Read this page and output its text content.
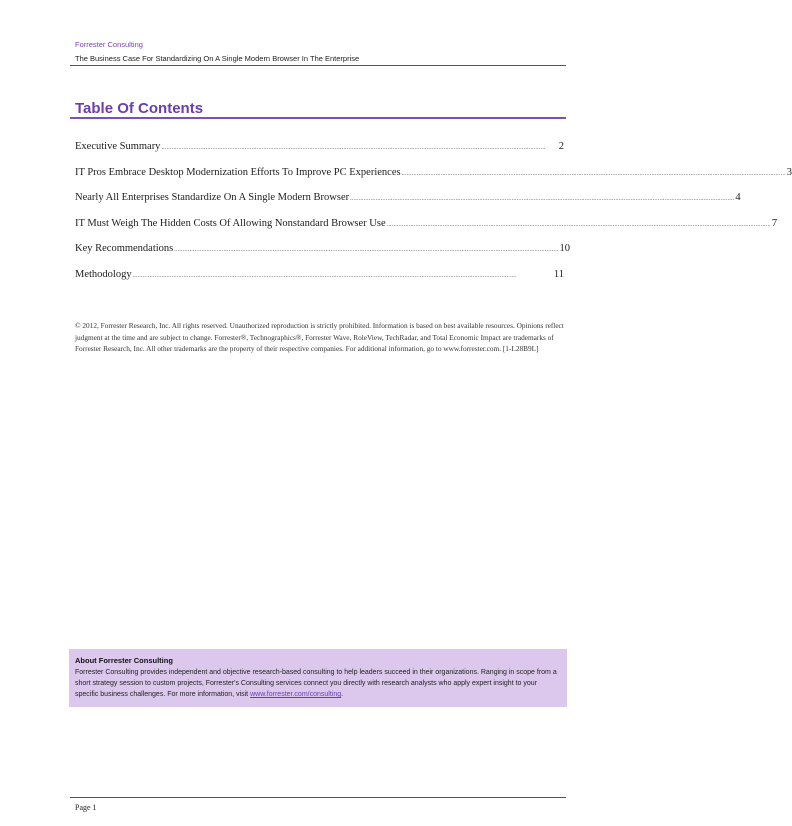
Forrester Consulting
The Business Case For Standardizing On A Single Modern Browser In The Enterprise
Table Of Contents
Executive Summary ..................................................................................................................................................................................................................................	2
IT Pros Embrace Desktop Modernization Efforts To Improve PC Experiences .................................................................................................................................................................................................................................. 3
Nearly All Enterprises Standardize On A Single Modern Browser .................................................................................................................................................................................................................................. 4
IT Must Weigh The Hidden Costs Of Allowing Nonstandard Browser Use .................................................................................................................................................................................................................................. 7
Key Recommendations .................................................................................................................................................................................................................................. 10
Methodology ..................................................................................................................................................................................................................................	11
© 2012, Forrester Research, Inc. All rights reserved. Unauthorized reproduction is strictly prohibited. Information is based on best available resources. Opinions reflect judgment at the time and are subject to change. Forrester®, Technographics®, Forrester Wave, RoleView, TechRadar, and Total Economic Impact are trademarks of Forrester Research, Inc. All other trademarks are the property of their respective companies. For additional information, go to www.forrester.com. [1-L28B9L]
About Forrester Consulting
Forrester Consulting provides independent and objective research-based consulting to help leaders succeed in their organizations. Ranging in scope from a short strategy session to custom projects, Forrester's Consulting services connect you directly with research analysts who apply expert insight to your specific business challenges. For more information, visit www.forrester.com/consulting.
Page 1
